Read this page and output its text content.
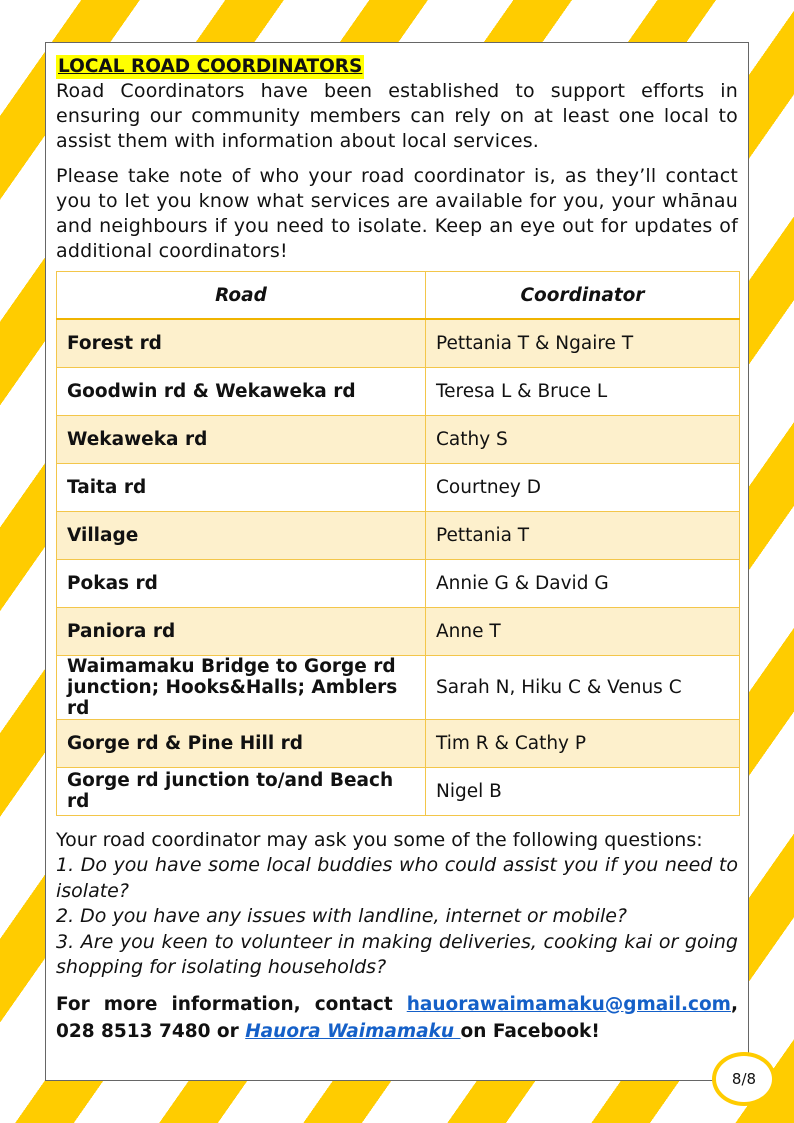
LOCAL ROAD COORDINATORS

Road Coordinators have been established to support efforts in ensuring our community members can rely on at least one local to assist them with information about local services.

Please take note of who your road coordinator is, as they’ll contact you to let you know what services are available for you, your whānau and neighbours if you need to isolate. Keep an eye out for updates of additional coordinators!

Road	Coordinator
Forest rd	Pettania T & Ngaire T
Goodwin rd & Wekaweka rd	Teresa L & Bruce L
Wekaweka rd	Cathy S
Taita rd	Courtney D
Village	Pettania T
Pokas rd	Annie G & David G
Paniora rd	Anne T
Waimamaku Bridge to Gorge rd junction; Hooks&Halls; Amblers rd	Sarah N, Hiku C & Venus C
Gorge rd & Pine Hill rd	Tim R & Cathy P
Gorge rd junction to/and Beach rd	Nigel B

Your road coordinator may ask you some of the following questions:

1. Do you have some local buddies who could assist you if you need to isolate?

2. Do you have any issues with landline, internet or mobile?

3. Are you keen to volunteer in making deliveries, cooking kai or going shopping for isolating households?

For more information, contact hauorawaimamaku@gmail.com, 028 8513 7480 or Hauora Waimamaku on Facebook!

8/8
